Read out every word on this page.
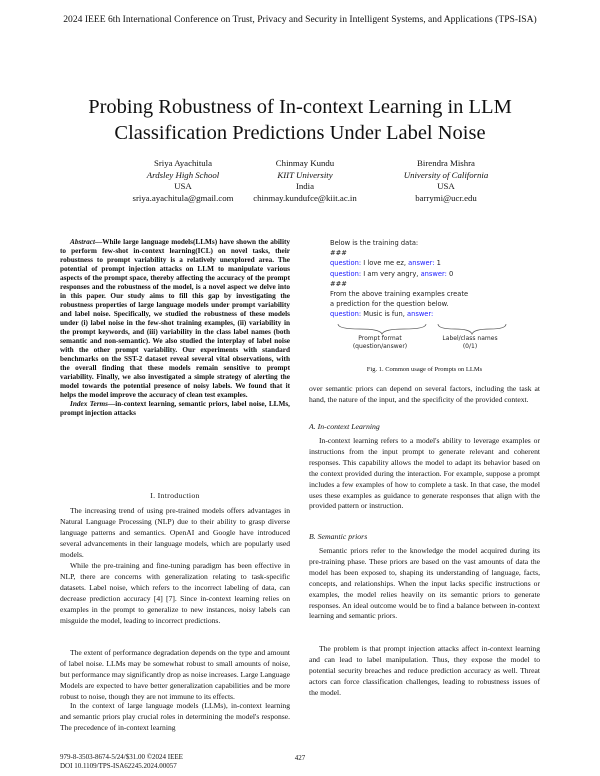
2024 IEEE 6th International Conference on Trust, Privacy and Security in Intelligent Systems, and Applications (TPS-ISA)
Probing Robustness of In-context Learning in LLM
Classification Predictions Under Label Noise
Sriya Ayachitula
Ardsley High School
USA
sriya.ayachitula@gmail.com
Chinmay Kundu
KIIT University
India
chinmay.kundufce@kiit.ac.in
Birendra Mishra
University of California
USA
barrymi@ucr.edu
Abstract—While large language models(LLMs) have shown the ability to perform few-shot in-context learning(ICL) on novel tasks, their robustness to prompt variability is a relatively unexplored area. The potential of prompt injection attacks on LLM to manipulate various aspects of the prompt space, thereby affecting the accuracy of the prompt responses and the robustness of the model, is a novel aspect we delve into in this paper. Our study aims to fill this gap by investigating the robustness properties of large language models under prompt variability and label noise. Specifically, we studied the robustness of these models under (i) label noise in the few-shot training examples, (ii) variability in the prompt keywords, and (iii) variability in the class label names (both semantic and non-semantic). We also studied the interplay of label noise with the other prompt variability. Our experiments with standard benchmarks on the SST-2 dataset reveal several vital observations, with the overall finding that these models remain sensitive to prompt variability. Finally, we also investigated a simple strategy of alerting the model towards the potential presence of noisy labels. We found that it helps the model improve the accuracy of clean test examples.
Index Terms—in-context learning, semantic priors, label noise, LLMs, prompt injection attacks
I. Introduction
The increasing trend of using pre-trained models offers advantages in Natural Language Processing (NLP) due to their ability to grasp diverse language patterns and semantics. OpenAI and Google have introduced several advancements in their language models, which are popularly used models.
While the pre-training and fine-tuning paradigm has been effective in NLP, there are concerns with generalization relating to task-specific datasets. Label noise, which refers to the incorrect labeling of data, can decrease prediction accuracy [4] [7]. Since in-context learning relies on examples in the prompt to generalize to new instances, noisy labels can misguide the model, leading to incorrect predictions.
The extent of performance degradation depends on the type and amount of label noise. LLMs may be somewhat robust to small amounts of noise, but performance may significantly drop as noise increases. Large Language Models are expected to have better generalization capabilities and be more robust to noise, though they are not immune to its effects.
In the context of large language models (LLMs), in-context learning and semantic priors play crucial roles in determining the model's response. The precedence of in-context learning
Below is the training data:
###
question: I love me ez, answer: 1
question: I am very angry, answer: 0
###
From the above training examples create
a prediction for the question below.
question: Music is fun, answer:
Prompt format
(question/answer)
Label/class names
(0/1)
Fig. 1. Common usage of Prompts on LLMs
over semantic priors can depend on several factors, including the task at hand, the nature of the input, and the specificity of the provided context.
A. In-context Learning
In-context learning refers to a model's ability to leverage examples or instructions from the input prompt to generate relevant and coherent responses. This capability allows the model to adapt its behavior based on the context provided during the interaction. For example, suppose a prompt includes a few examples of how to complete a task. In that case, the model uses these examples as guidance to generate responses that align with the provided pattern or instruction.
B. Semantic priors
Semantic priors refer to the knowledge the model acquired during its pre-training phase. These priors are based on the vast amounts of data the model has been exposed to, shaping its understanding of language, facts, concepts, and relationships. When the input lacks specific instructions or examples, the model relies heavily on its semantic priors to generate responses. An ideal outcome would be to find a balance between in-context learning and semantic priors.
The problem is that prompt injection attacks affect in-context learning and can lead to label manipulation. Thus, they expose the model to potential security breaches and reduce prediction accuracy as well. Threat actors can force classification challenges, leading to robustness issues of the model.
979-8-3503-8674-5/24/$31.00 ©2024 IEEE
DOI 10.1109/TPS-ISA62245.2024.00057
427
